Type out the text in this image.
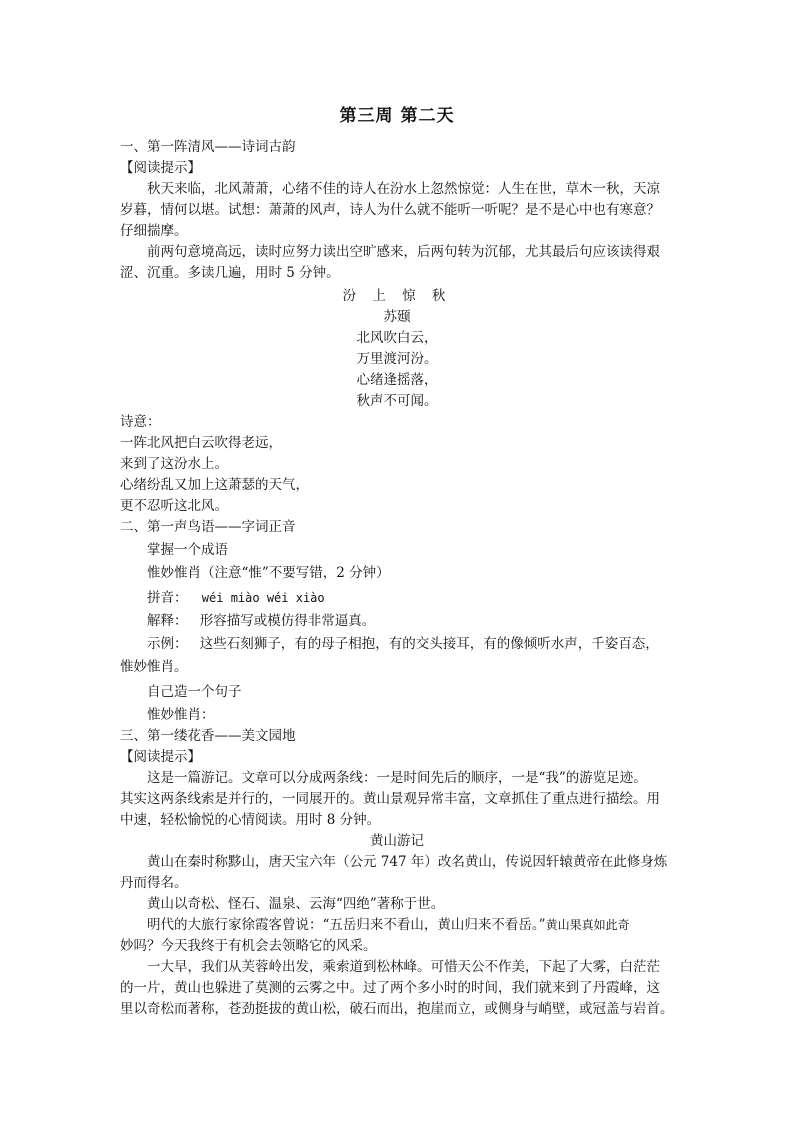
第三周 第二天
一、第一阵清风——诗词古韵
【阅读提示】
秋天来临，北风萧萧，心绪不佳的诗人在汾水上忽然惊觉：人生在世，草木一秋，天凉
岁暮，情何以堪。试想：萧萧的风声，诗人为什么就不能听一听呢？是不是心中也有寒意？
仔细揣摩。
前两句意境高远，读时应努力读出空旷感来，后两句转为沉郁，尤其最后句应该读得艰
涩、沉重。多读几遍，用时 5 分钟。
汾 上 惊 秋
苏颋
北风吹白云，
万里渡河汾。
心绪逢摇落，
秋声不可闻。
诗意：
一阵北风把白云吹得老远，
来到了这汾水上。
心绪纷乱又加上这萧瑟的天气，
更不忍听这北风。
二、第一声鸟语——字词正音
掌握一个成语
惟妙惟肖（注意“惟”不要写错，2 分钟）
拼音： wéi miào wéi xiào
解释： 形容描写或模仿得非常逼真。
示例： 这些石刻狮子，有的母子相抱，有的交头接耳，有的像倾听水声，千姿百态，
惟妙惟肖。
自己造一个句子
惟妙惟肖：
三、第一缕花香——美文园地
【阅读提示】
这是一篇游记。文章可以分成两条线：一是时间先后的顺序，一是“我”的游览足迹。
其实这两条线索是并行的，一同展开的。黄山景观异常丰富，文章抓住了重点进行描绘。用
中速，轻松愉悦的心情阅读。用时 8 分钟。
黄山游记
黄山在秦时称黟山，唐天宝六年（公元 747 年）改名黄山，传说因轩辕黄帝在此修身炼
丹而得名。
黄山以奇松、怪石、温泉、云海“四绝”著称于世。
明代的大旅行家徐霞客曾说：“五岳归来不看山，黄山归来不看岳。”黄山果真如此奇
妙吗？今天我终于有机会去领略它的风采。
一大早，我们从芙蓉岭出发，乘索道到松林峰。可惜天公不作美，下起了大雾，白茫茫
的一片，黄山也躲进了莫测的云雾之中。过了两个多小时的时间，我们就来到了丹霞峰，这
里以奇松而著称，苍劲挺拔的黄山松，破石而出，抱崖而立，或侧身与峭壁，或冠盖与岩首。
